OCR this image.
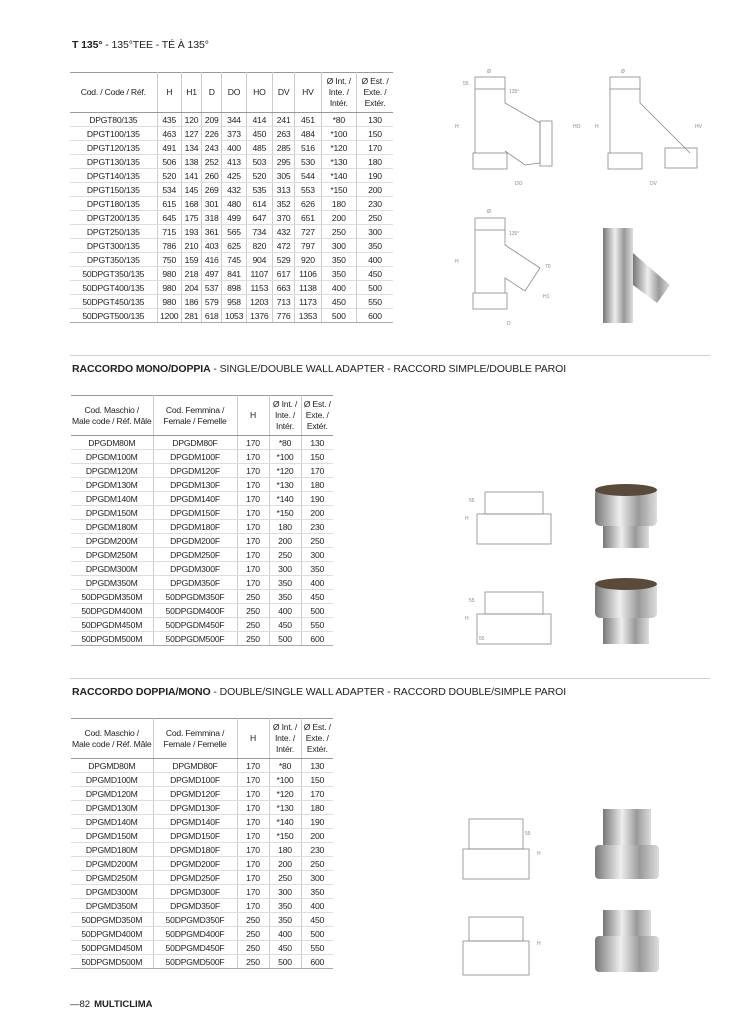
T 135° - 135°TEE - TÉ À 135°
Cod. / Code / Réf.	H	H1	D	DO	HO	DV	HV	Ø Int. /
Inte. /
Intér.	Ø Est. /
Exte. /
Extér.
DPGT80/135	435	120	209	344	414	241	451	*80	130
DPGT100/135	463	127	226	373	450	263	484	*100	150
DPGT120/135	491	134	243	400	485	285	516	*120	170
DPGT130/135	506	138	252	413	503	295	530	*130	180
DPGT140/135	520	141	260	425	520	305	544	*140	190
DPGT150/135	534	145	269	432	535	313	553	*150	200
DPGT180/135	615	168	301	480	614	352	626	180	230
DPGT200/135	645	175	318	499	647	370	651	200	250
DPGT250/135	715	193	361	565	734	432	727	250	300
DPGT300/135	786	210	403	625	820	472	797	300	350
DPGT350/135	750	159	416	745	904	529	920	350	400
50DPGT350/135	980	218	497	841	1107	617	1106	350	450
50DPGT400/135	980	204	537	898	1153	663	1138	400	500
50DPGT450/135	980	186	579	958	1203	713	1173	450	550
50DPGT500/135	1200	281	618	1053	1376	776	1353	500	600
Ø
55
135°
H	HO
DO
Ø
H	HV
DV
Ø
135°
H
70
H1
D
RACCORDO MONO/DOPPIA - SINGLE/DOUBLE WALL ADAPTER - RACCORD SIMPLE/DOUBLE PAROI
Cod. Maschio /
Male code / Réf. Mâle	Cod. Femmina /
Female / Femelle	H	Ø Int. /
Inte. /
Intér.	Ø Est. /
Exte. /
Extér.
DPGDM80M	DPGDM80F	170	*80	130
DPGDM100M	DPGDM100F	170	*100	150
DPGDM120M	DPGDM120F	170	*120	170
DPGDM130M	DPGDM130F	170	*130	180
DPGDM140M	DPGDM140F	170	*140	190
DPGDM150M	DPGDM150F	170	*150	200
DPGDM180M	DPGDM180F	170	180	230
DPGDM200M	DPGDM200F	170	200	250
DPGDM250M	DPGDM250F	170	250	300
DPGDM300M	DPGDM300F	170	300	350
DPGDM350M	DPGDM350F	170	350	400
50DPGDM350M	50DPGDM350F	250	350	450
50DPGDM400M	50DPGDM400F	250	400	500
50DPGDM450M	50DPGDM450F	250	450	550
50DPGDM500M	50DPGDM500F	250	500	600
55
H
55
H
55
RACCORDO DOPPIA/MONO - DOUBLE/SINGLE WALL ADAPTER - RACCORD DOUBLE/SIMPLE PAROI
Cod. Maschio /
Male code / Réf. Mâle	Cod. Femmina /
Female / Femelle	H	Ø Int. /
Inte. /
Intér.	Ø Est. /
Exte. /
Extér.
DPGMD80M	DPGMD80F	170	*80	130
DPGMD100M	DPGMD100F	170	*100	150
DPGMD120M	DPGMD120F	170	*120	170
DPGMD130M	DPGMD130F	170	*130	180
DPGMD140M	DPGMD140F	170	*140	190
DPGMD150M	DPGMD150F	170	*150	200
DPGMD180M	DPGMD180F	170	180	230
DPGMD200M	DPGMD200F	170	200	250
DPGMD250M	DPGMD250F	170	250	300
DPGMD300M	DPGMD300F	170	300	350
DPGMD350M	DPGMD350F	170	350	400
50DPGMD350M	50DPGMD350F	250	350	450
50DPGMD400M	50DPGMD400F	250	400	500
50DPGMD450M	50DPGMD450F	250	450	550
50DPGMD500M	50DPGMD500F	250	500	600
55
H
H
—82 MULTICLIMA
